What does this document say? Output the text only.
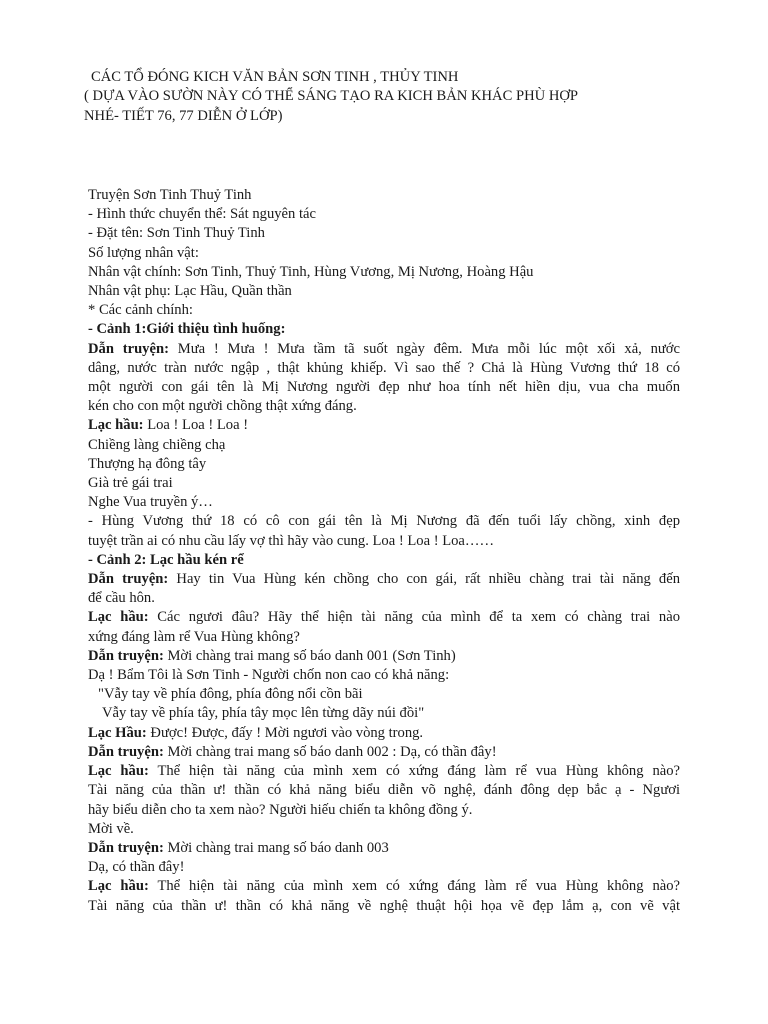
CÁC TỔ ĐÓNG KICH VĂN BẢN SƠN TINH , THỦY TINH
( DỰA VÀO SƯỜN NÀY CÓ THỂ SÁNG TẠO RA KICH BẢN KHÁC PHÙ HỢP
NHÉ- TIẾT 76, 77 DIỄN Ở LỚP)

Truyện Sơn Tinh Thuỷ Tinh

- Hình thức chuyển thể: Sát nguyên tác

- Đặt tên: Sơn Tinh Thuỷ Tinh

Số lượng nhân vật:

Nhân vật chính: Sơn Tinh, Thuỷ Tinh, Hùng Vương, Mị Nương, Hoàng Hậu

Nhân vật phụ: Lạc Hầu, Quần thần

* Các cảnh chính:

- Cảnh 1:Giới thiệu tình huống:

Dẫn truyện: Mưa ! Mưa ! Mưa tầm tã suốt ngày đêm. Mưa mỗi lúc một xối xả, nước

dâng, nước tràn nước ngập , thật khủng khiếp. Vì sao thế ? Chả là Hùng Vương thứ 18 có

một người con gái tên là Mị Nương người đẹp như hoa tính nết hiền dịu, vua cha muốn

kén cho con một người chồng thật xứng đáng.

Lạc hầu: Loa ! Loa ! Loa !

Chiềng làng chiềng chạ

Thượng hạ đông tây

Già trẻ gái trai

Nghe Vua truyền ý…

- Hùng Vương thứ 18 có cô con gái tên là Mị Nương đã đến tuổi lấy chồng, xinh đẹp

tuyệt trần ai có nhu cầu lấy vợ thì hãy vào cung. Loa ! Loa ! Loa……

- Cảnh 2: Lạc hầu kén rể

Dẫn truyện: Hay tin Vua Hùng kén chồng cho con gái, rất nhiều chàng trai tài năng đến

để cầu hôn.

Lạc hầu: Các ngươi đâu? Hãy thể hiện tài năng của mình để ta xem có chàng trai nào

xứng đáng làm rể Vua Hùng không?

Dẫn truyện: Mời chàng trai mang số báo danh 001 (Sơn Tinh)

Dạ ! Bẩm Tôi là Sơn Tinh - Người chốn non cao có khả năng:

"Vẫy tay về phía đông, phía đông nổi cồn bãi

Vẫy tay về phía tây, phía tây mọc lên từng dãy núi đồi"

Lạc Hầu: Được! Được, đấy ! Mời ngươi vào vòng trong.

Dẫn truyện: Mời chàng trai mang số báo danh 002 : Dạ, có thần đây!

Lạc hầu: Thể hiện tài năng của mình xem có xứng đáng làm rể vua Hùng không nào?

Tài năng của thần ư! thần có khả năng biểu diễn võ nghệ, đánh đông dẹp bắc ạ - Ngươi

hãy biểu diễn cho ta xem nào? Người hiếu chiến ta không đồng ý.

Mời về.

Dẫn truyện: Mời chàng trai mang số báo danh 003

Dạ, có thần đây!

Lạc hầu: Thể hiện tài năng của mình xem có xứng đáng làm rể vua Hùng không nào?

Tài năng của thần ư! thần có khả năng về nghệ thuật hội họa vẽ đẹp lắm ạ, con vẽ vật
